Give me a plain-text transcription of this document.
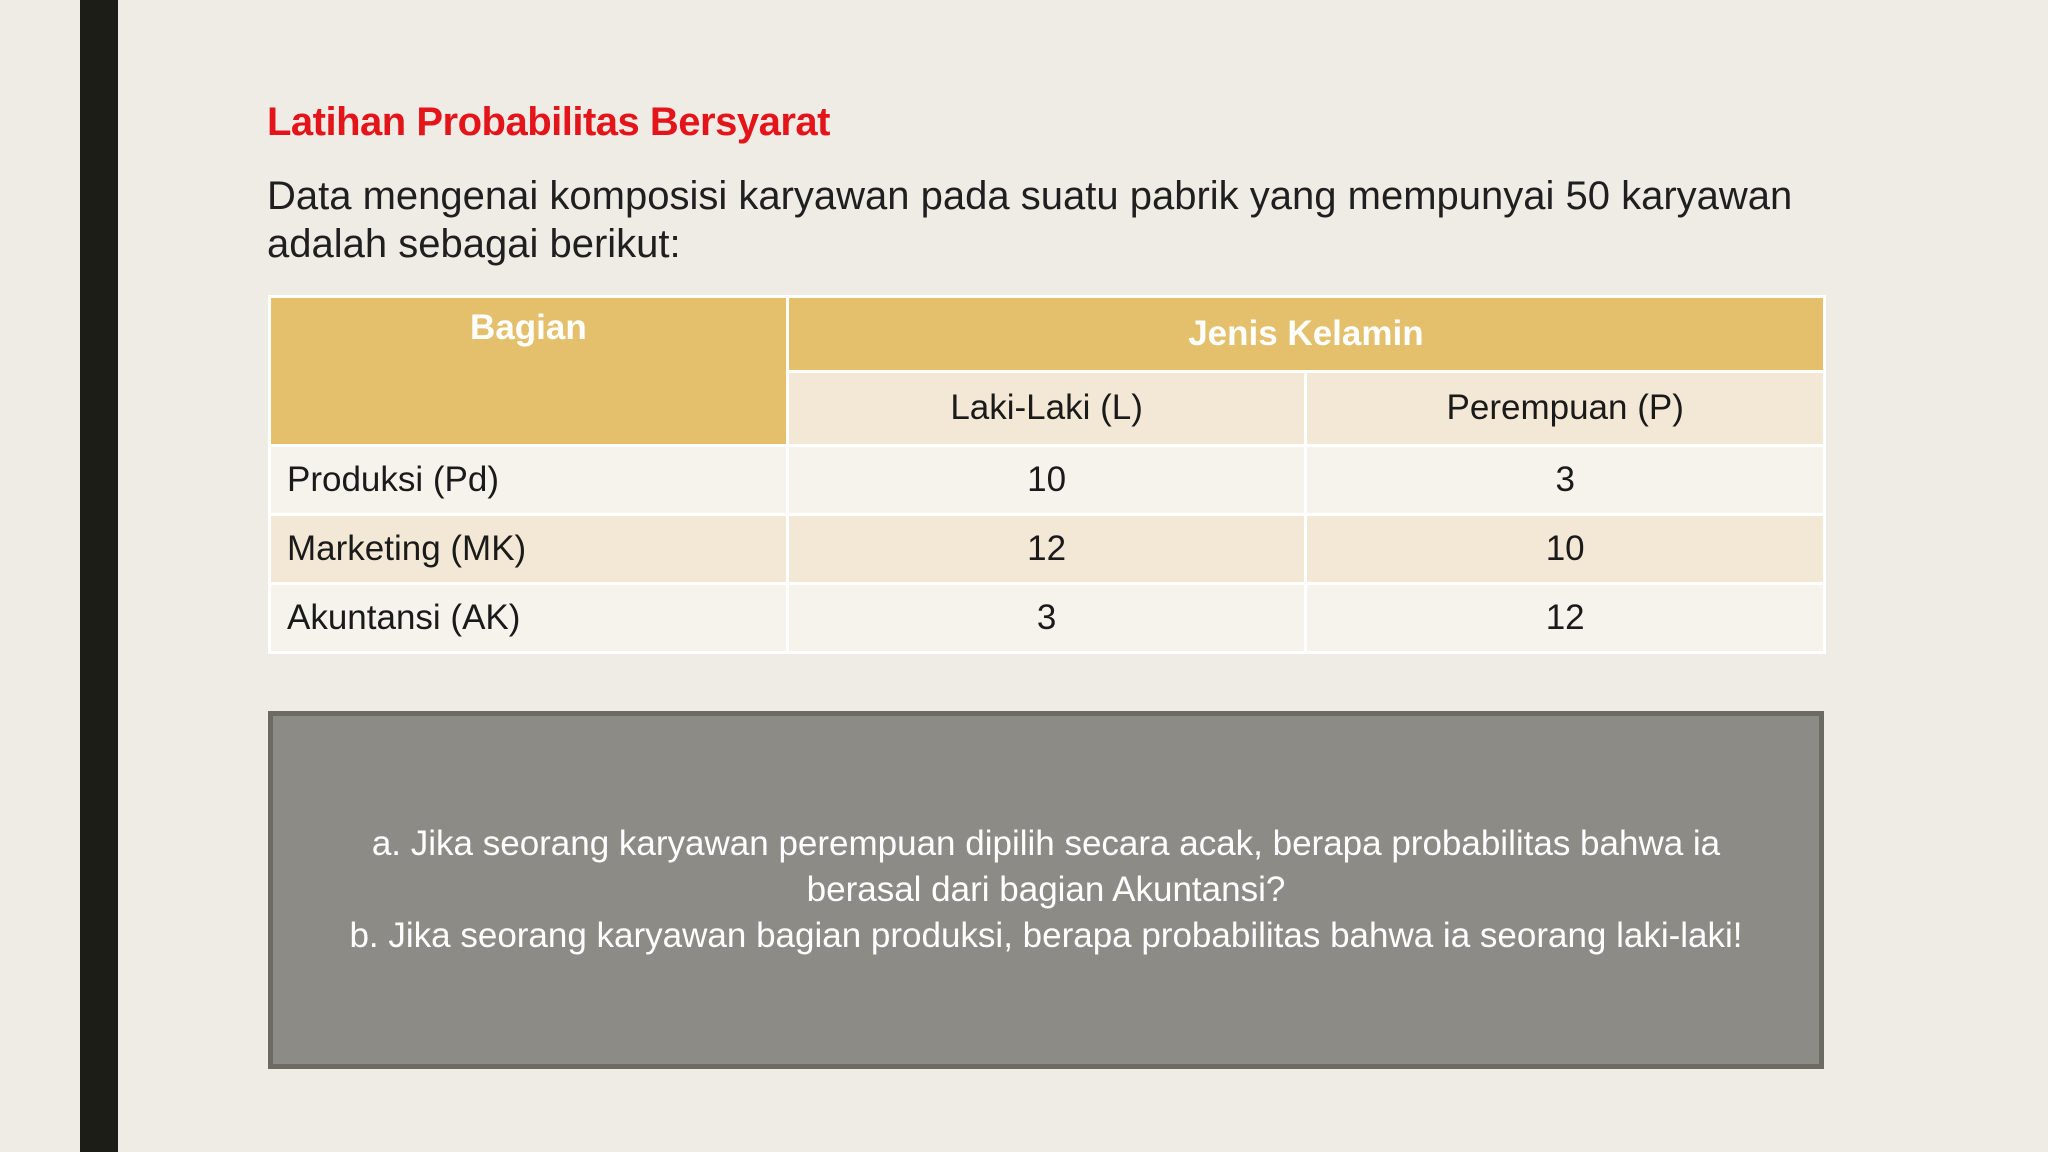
Latihan Probabilitas Bersyarat
Data mengenai komposisi karyawan pada suatu pabrik yang mempunyai 50 karyawan adalah sebagai berikut:
Bagian	Jenis Kelamin	
	Laki-Laki (L)	Perempuan (P)
Produksi (Pd)	10	3
Marketing (MK)	12	10
Akuntansi (AK)	3	12
a. Jika seorang karyawan perempuan dipilih secara acak, berapa probabilitas bahwa ia
berasal dari bagian Akuntansi?
b. Jika seorang karyawan bagian produksi, berapa probabilitas bahwa ia seorang laki-laki!
